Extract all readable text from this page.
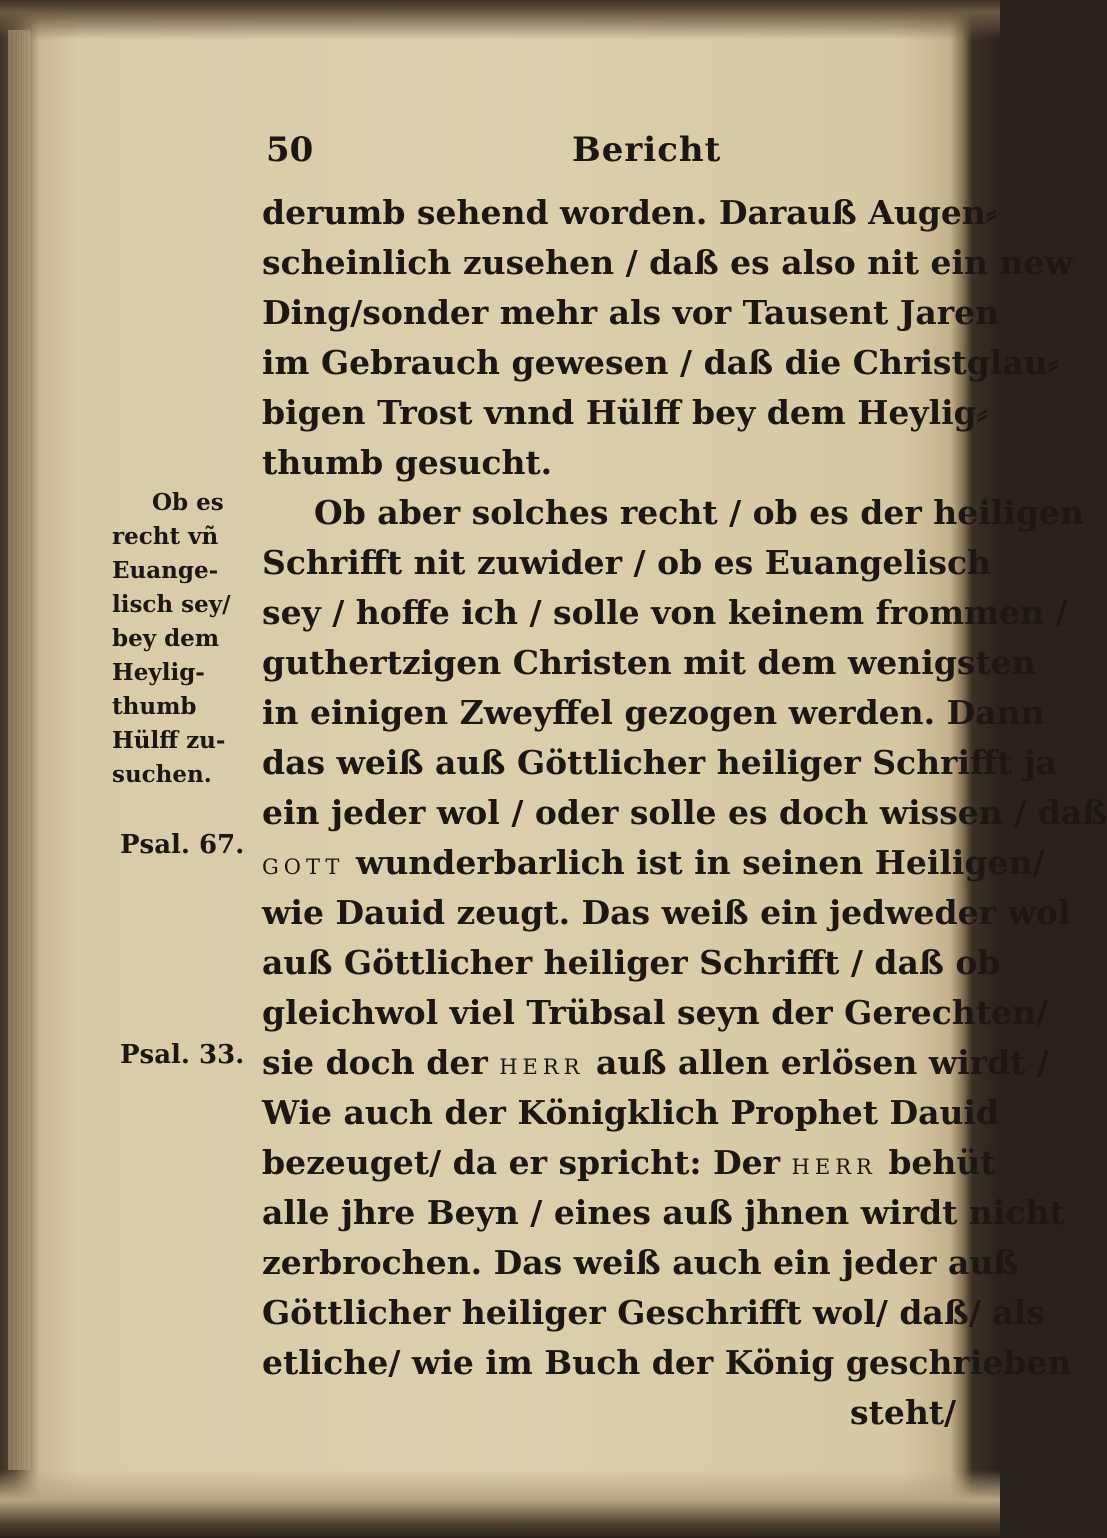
50	Bericht
derumb sehend worden. Darauß Augen⸗
scheinlich zusehen / daß es also nit ein new
Ding/sonder mehr als vor Tausent Jaren
im Gebrauch gewesen / daß die Christglau⸗
bigen Trost vnnd Hülff bey dem Heylig⸗
thumb gesucht.
Ob aber solches recht / ob es der heiligen
Schrifft nit zuwider / ob es Euangelisch
sey / hoffe ich / solle von keinem frommen /
guthertzigen Christen mit dem wenigsten
in einigen Zweyffel gezogen werden. Dann
das weiß auß Göttlicher heiliger Schrifft ja
ein jeder wol / oder solle es doch wissen / daß
GOTT wunderbarlich ist in seinen Heiligen/
wie Dauid zeugt. Das weiß ein jedweder wol
auß Göttlicher heiliger Schrifft / daß ob
gleichwol viel Trübsal seyn der Gerechten/
sie doch der HERR auß allen erlösen wirdt /
Wie auch der Königklich Prophet Dauid
bezeuget/ da er spricht: Der HERR behüt
alle jhre Beyn / eines auß jhnen wirdt nicht
zerbrochen. Das weiß auch ein jeder auß
Göttlicher heiliger Geschrifft wol/ daß/ als
etliche/ wie im Buch der König geschrieben
steht/
Ob es
recht vñ
Euange-
lisch sey/
bey dem
Heylig-
thumb
Hülff zu-
suchen.
Psal. 67.
Psal. 33.
